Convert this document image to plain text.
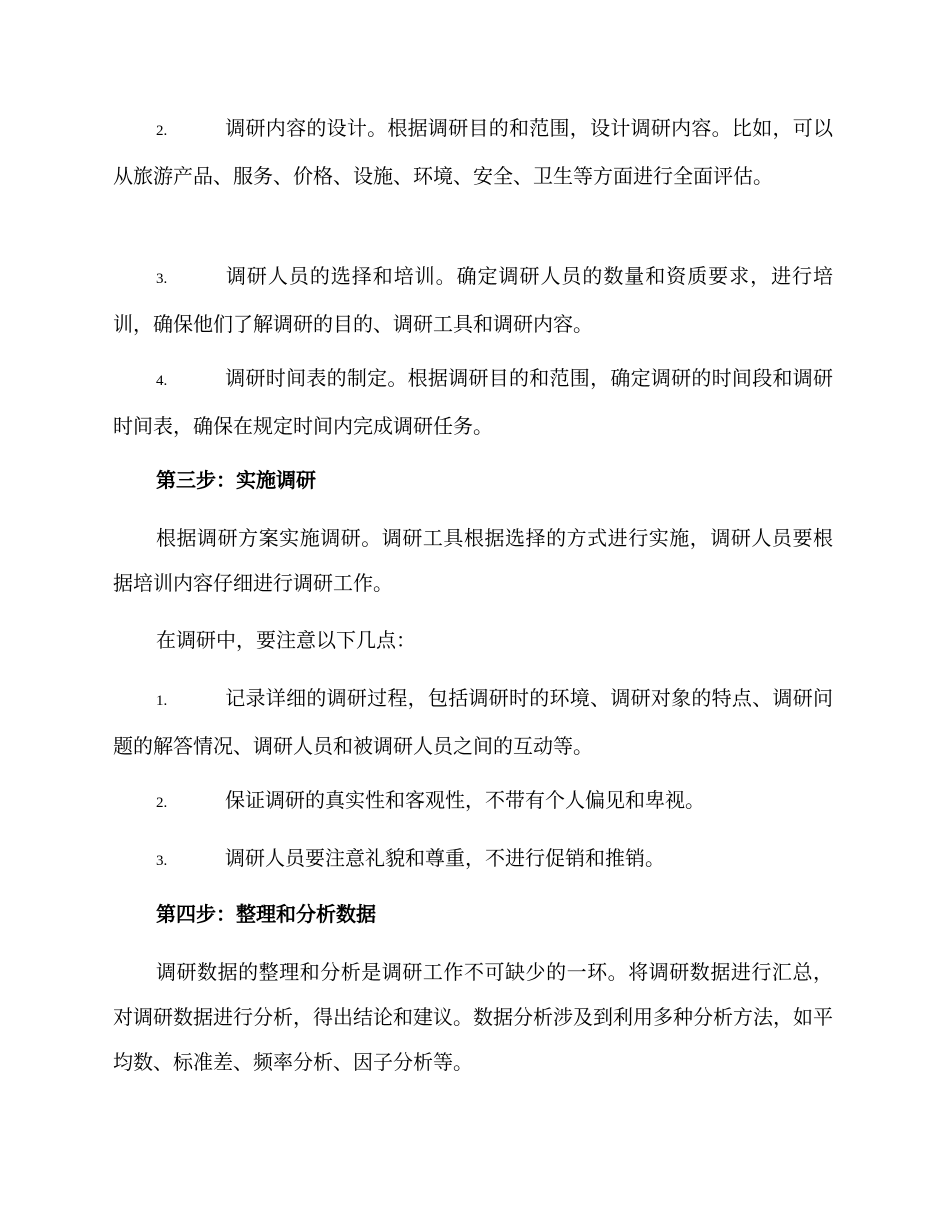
2.	调研内容的设计。根据调研目的和范围，设计调研内容。比如，可以从旅游产品、服务、价格、设施、环境、安全、卫生等方面进行全面评估。

3.	调研人员的选择和培训。确定调研人员的数量和资质要求，进行培训，确保他们了解调研的目的、调研工具和调研内容。

4.	调研时间表的制定。根据调研目的和范围，确定调研的时间段和调研时间表，确保在规定时间内完成调研任务。

第三步：实施调研

根据调研方案实施调研。调研工具根据选择的方式进行实施，调研人员要根据培训内容仔细进行调研工作。

在调研中，要注意以下几点：

1.	记录详细的调研过程，包括调研时的环境、调研对象的特点、调研问题的解答情况、调研人员和被调研人员之间的互动等。

2.	保证调研的真实性和客观性，不带有个人偏见和卑视。

3.	调研人员要注意礼貌和尊重，不进行促销和推销。

第四步：整理和分析数据

调研数据的整理和分析是调研工作不可缺少的一环。将调研数据进行汇总，对调研数据进行分析，得出结论和建议。数据分析涉及到利用多种分析方法，如平均数、标准差、频率分析、因子分析等。
